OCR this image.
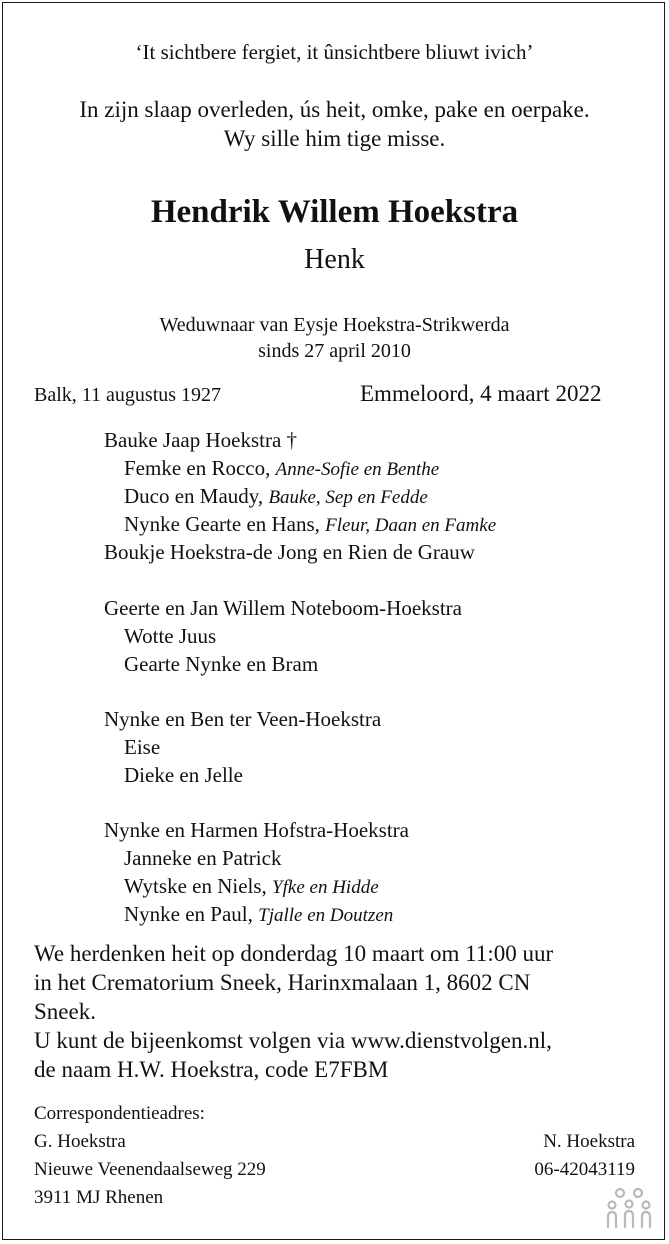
‘It sichtbere fergiet, it ûnsichtbere bliuwt ivich’
In zijn slaap overleden, ús heit, omke, pake en oerpake.
Wy sille him tige misse.
Hendrik Willem Hoekstra
Henk
Weduwnaar van Eysje Hoekstra-Strikwerda
sinds 27 april 2010
Balk, 11 augustus 1927	Emmeloord, 4 maart 2022
Bauke Jaap Hoekstra †
Femke en Rocco, Anne-Sofie en Benthe
Duco en Maudy, Bauke, Sep en Fedde
Nynke Gearte en Hans, Fleur, Daan en Famke
Boukje Hoekstra-de Jong en Rien de Grauw
Geerte en Jan Willem Noteboom-Hoekstra
Wotte Juus
Gearte Nynke en Bram
Nynke en Ben ter Veen-Hoekstra
Eise
Dieke en Jelle
Nynke en Harmen Hofstra-Hoekstra
Janneke en Patrick
Wytske en Niels, Yfke en Hidde
Nynke en Paul, Tjalle en Doutzen
We herdenken heit op donderdag 10 maart om 11:00 uur
in het Crematorium Sneek, Harinxmalaan 1, 8602 CN
Sneek.
U kunt de bijeenkomst volgen via www.dienstvolgen.nl,
de naam H.W. Hoekstra, code E7FBM
Correspondentieadres:
G. Hoekstra
Nieuwe Veenendaalseweg 229
3911 MJ Rhenen
N. Hoekstra
06-42043119
